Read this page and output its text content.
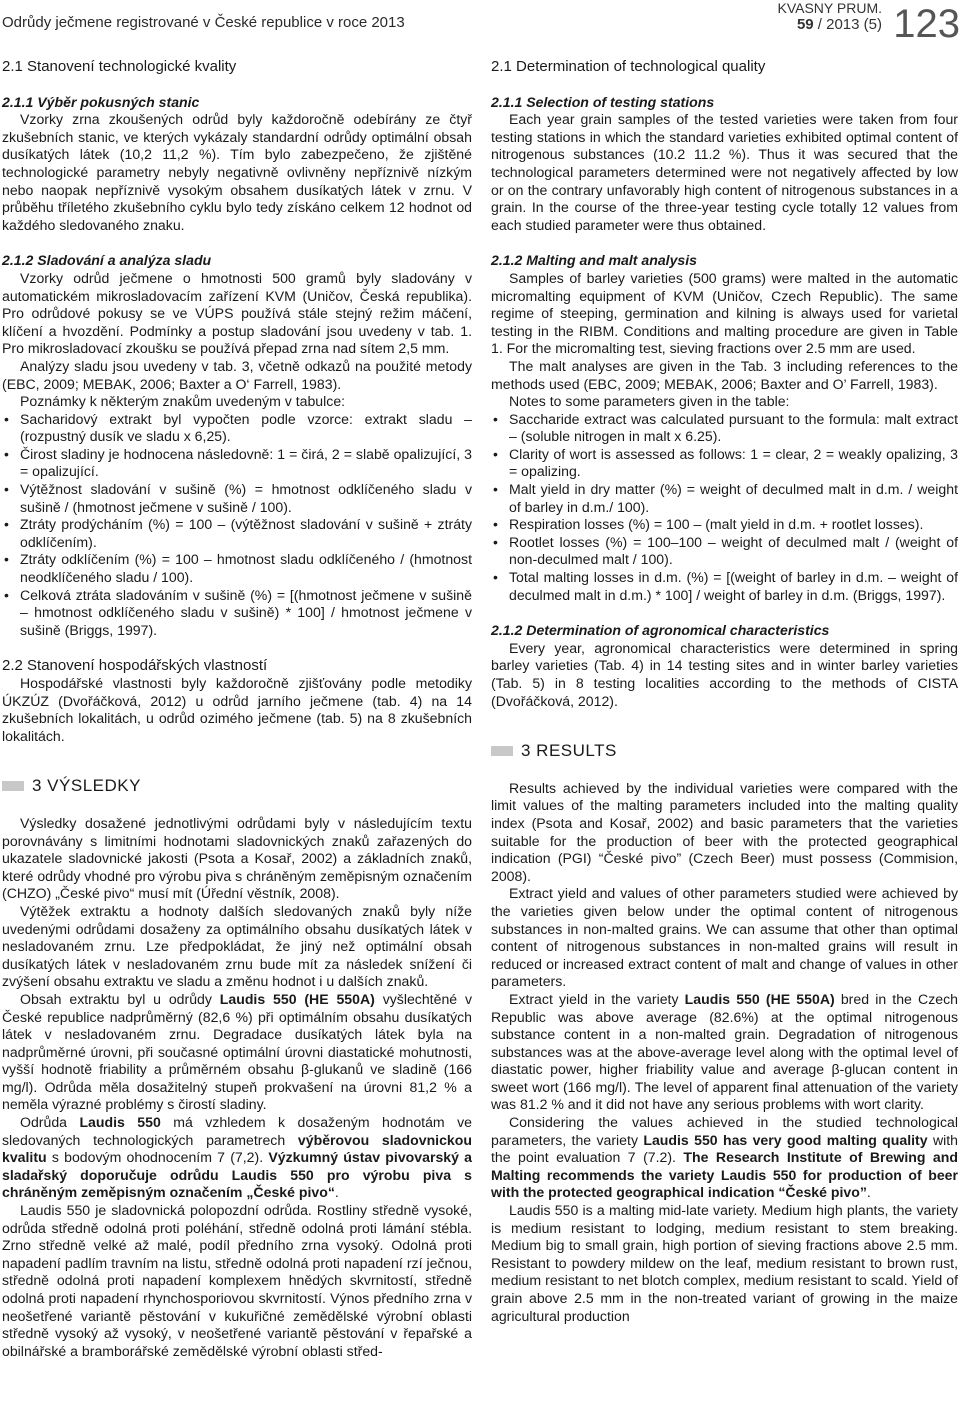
Odrůdy ječmene registrované v České republice v roce 2013
KVASNY PRUM.
59 / 2013 (5) 123
2.1 Stanovení technologické kvality

2.1.1 Výběr pokusných stanic

Vzorky zrna zkoušených odrůd byly každoročně odebírány ze čtyř zkušebních stanic, ve kterých vykázaly standardní odrůdy optimální obsah dusíkatých látek (10,2 11,2 %). Tím bylo zabezpečeno, že zjištěné technologické parametry nebyly negativně ovlivněny nepříznivě nízkým nebo naopak nepříznivě vysokým obsahem dusíkatých látek v zrnu. V průběhu tříletého zkušebního cyklu bylo tedy získáno celkem 12 hodnot od každého sledovaného znaku.

2.1.2 Sladování a analýza sladu

Vzorky odrůd ječmene o hmotnosti 500 gramů byly sladovány v automatickém mikrosladovacím zařízení KVM (Uničov, Česká republika). Pro odrůdové pokusy se ve VÚPS používá stále stejný režim máčení, klíčení a hvozdění. Podmínky a postup sladování jsou uvedeny v tab. 1. Pro mikrosladovací zkoušku se používá přepad zrna nad sítem 2,5 mm.

Analýzy sladu jsou uvedeny v tab. 3, včetně odkazů na použité metody (EBC, 2009; MEBAK, 2006; Baxter a O‘ Farrell, 1983).

Poznámky k některým znakům uvedeným v tabulce:

• Sacharidový extrakt byl vypočten podle vzorce: extrakt sladu – (rozpustný dusík ve sladu x 6,25).
• Čirost sladiny je hodnocena následovně: 1 = čirá, 2 = slabě opalizující, 3 = opalizující.
• Výtěžnost sladování v sušině (%) = hmotnost odklíčeného sladu v sušině / (hmotnost ječmene v sušině / 100).
• Ztráty prodýcháním (%) = 100 – (výtěžnost sladování v sušině + ztráty odklíčením).
• Ztráty odklíčením (%) = 100 – hmotnost sladu odklíčeného / (hmotnost neodklíčeného sladu / 100).
• Celková ztráta sladováním v sušině (%) = [(hmotnost ječmene v sušině – hmotnost odklíčeného sladu v sušině) * 100] / hmotnost ječmene v sušině (Briggs, 1997).
2.2 Stanovení hospodářských vlastností

Hospodářské vlastnosti byly každoročně zjišťovány podle metodiky ÚKZÚZ (Dvořáčková, 2012) u odrůd jarního ječmene (tab. 4) na 14 zkušebních lokalitách, u odrůd ozimého ječmene (tab. 5) na 8 zkušebních lokalitách.

3 VÝSLEDKY

Výsledky dosažené jednotlivými odrůdami byly v následujícím textu porovnávány s limitními hodnotami sladovnických znaků zařazených do ukazatele sladovnické jakosti (Psota a Kosař, 2002) a základních znaků, které odrůdy vhodné pro výrobu piva s chráněným zeměpisným označením (CHZO) „České pivo“ musí mít (Úřední věstník, 2008).

Výtěžek extraktu a hodnoty dalších sledovaných znaků byly níže uvedenými odrůdami dosaženy za optimálního obsahu dusíkatých látek v nesladovaném zrnu. Lze předpokládat, že jiný než optimální obsah dusíkatých látek v nesladovaném zrnu bude mít za následek snížení či zvýšení obsahu extraktu ve sladu a změnu hodnot i u dalších znaků.

Obsah extraktu byl u odrůdy Laudis 550 (HE 550A) vyšlechtěné v České republice nadprůměrný (82,6 %) při optimálním obsahu dusíkatých látek v nesladovaném zrnu. Degradace dusíkatých látek byla na nadprůměrné úrovni, při současné optimální úrovni diastatické mohutnosti, vyšší hodnotě friability a průměrném obsahu β-glukanů ve sladině (166 mg/l). Odrůda měla dosažitelný stupeň prokvašení na úrovni 81,2 % a neměla výrazné problémy s čirostí sladiny.

Odrůda Laudis 550 má vzhledem k dosaženým hodnotám ve sledovaných technologických parametrech výběrovou sladovnickou kvalitu s bodovým ohodnocením 7 (7,2). Výzkumný ústav pivovarský a sladařský doporučuje odrůdu Laudis 550 pro výrobu piva s chráněným zeměpisným označením „České pivo“.

Laudis 550 je sladovnická polopozdní odrůda. Rostliny středně vysoké, odrůda středně odolná proti poléhání, středně odolná proti lámání stébla. Zrno středně velké až malé, podíl předního zrna vysoký. Odolná proti napadení padlím travním na listu, středně odolná proti napadení rzí ječnou, středně odolná proti napadení komplexem hnědých skvrnitostí, středně odolná proti napadení rhynchosporiovou skvrnitostí. Výnos předního zrna v neošetřené variantě pěstování v kukuřičné zemědělské výrobní oblasti středně vysoký až vysoký, v neošetřené variantě pěstování v řepařské a obilnářské a bramborářské zemědělské výrobní oblasti střed-

2.1 Determination of technological quality

2.1.1 Selection of testing stations

Each year grain samples of the tested varieties were taken from four testing stations in which the standard varieties exhibited optimal content of nitrogenous substances (10.2 11.2 %). Thus it was secured that the technological parameters determined were not negatively affected by low or on the contrary unfavorably high content of nitrogenous substances in a grain. In the course of the three-year testing cycle totally 12 values from each studied parameter were thus obtained.

2.1.2 Malting and malt analysis

Samples of barley varieties (500 grams) were malted in the automatic micromalting equipment of KVM (Uničov, Czech Republic). The same regime of steeping, germination and kilning is always used for varietal testing in the RIBM. Conditions and malting procedure are given in Table 1. For the micromalting test, sieving fractions over 2.5 mm are used.

The malt analyses are given in the Tab. 3 including references to the methods used (EBC, 2009; MEBAK, 2006; Baxter and O’ Farrell, 1983).

Notes to some parameters given in the table:

• Saccharide extract was calculated pursuant to the formula: malt extract – (soluble nitrogen in malt x 6.25).
• Clarity of wort is assessed as follows: 1 = clear, 2 = weakly opalizing, 3 = opalizing.
• Malt yield in dry matter (%) = weight of deculmed malt in d.m. / weight of barley in d.m./ 100).
• Respiration losses (%) = 100 – (malt yield in d.m. + rootlet losses).
• Rootlet losses (%) = 100–100 – weight of deculmed malt / (weight of non-deculmed malt / 100).
• Total malting losses in d.m. (%) = [(weight of barley in d.m. – weight of deculmed malt in d.m.) * 100] / weight of barley in d.m. (Briggs, 1997).

2.1.2 Determination of agronomical characteristics

Every year, agronomical characteristics were determined in spring barley varieties (Tab. 4) in 14 testing sites and in winter barley varieties (Tab. 5) in 8 testing localities according to the methods of CISTA (Dvořáčková, 2012).

3 RESULTS

Results achieved by the individual varieties were compared with the limit values of the malting parameters included into the malting quality index (Psota and Kosař, 2002) and basic parameters that the varieties suitable for the production of beer with the protected geographical indication (PGI) “České pivo” (Czech Beer) must possess (Commision, 2008).

Extract yield and values of other parameters studied were achieved by the varieties given below under the optimal content of nitrogenous substances in non-malted grains. We can assume that other than optimal content of nitrogenous substances in non-malted grains will result in reduced or increased extract content of malt and change of values in other parameters.

Extract yield in the variety Laudis 550 (HE 550A) bred in the Czech Republic was above average (82.6%) at the optimal nitrogenous substance content in a non-malted grain. Degradation of nitrogenous substances was at the above-average level along with the optimal level of diastatic power, higher friability value and average β-glucan content in sweet wort (166 mg/l). The level of apparent final attenuation of the variety was 81.2 % and it did not have any serious problems with wort clarity.

Considering the values achieved in the studied technological parameters, the variety Laudis 550 has very good malting quality with the point evaluation 7 (7.2). The Research Institute of Brewing and Malting recommends the variety Laudis 550 for production of beer with the protected geographical indication “České pivo”.

Laudis 550 is a malting mid-late variety. Medium high plants, the variety is medium resistant to lodging, medium resistant to stem breaking. Medium big to small grain, high portion of sieving fractions above 2.5 mm. Resistant to powdery mildew on the leaf, medium resistant to brown rust, medium resistant to net blotch complex, medium resistant to scald. Yield of grain above 2.5 mm in the non-treated variant of growing in the maize agricultural production
